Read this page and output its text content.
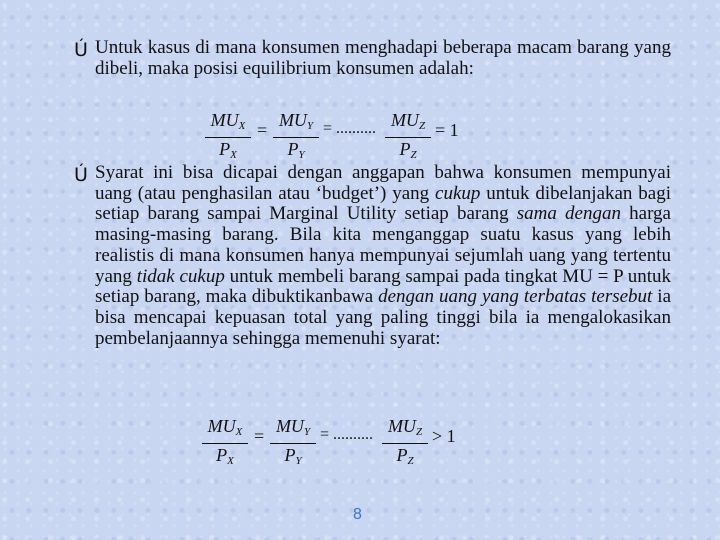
Ú Untuk kasus di mana konsumen menghadapi beberapa macam barang yang dibeli, maka posisi equilibrium konsumen adalah:
$MU_X$
$P_X$
= $MU_Y$
$P_Y$
= .......... $MU_Z$
$P_Z$
= 1
Ú Syarat ini bisa dicapai dengan anggapan bahwa konsumen mempunyai uang (atau penghasilan atau ‘budget’) yang cukup untuk dibelanjakan bagi setiap barang sampai Marginal Utility setiap barang sama dengan harga masing-masing barang. Bila kita menganggap suatu kasus yang lebih realistis di mana konsumen hanya mempunyai sejumlah uang yang tertentu yang tidak cukup untuk membeli barang sampai pada tingkat MU = P untuk setiap barang, maka dibuktikanbawa dengan uang yang terbatas tersebut ia bisa mencapai kepuasan total yang paling tinggi bila ia mengalokasikan pembelanjaannya sehingga memenuhi syarat:
$MU_X$
$P_X$
= $MU_Y$
$P_Y$
= .......... $MU_Z$
$P_Z$
> 1
8
